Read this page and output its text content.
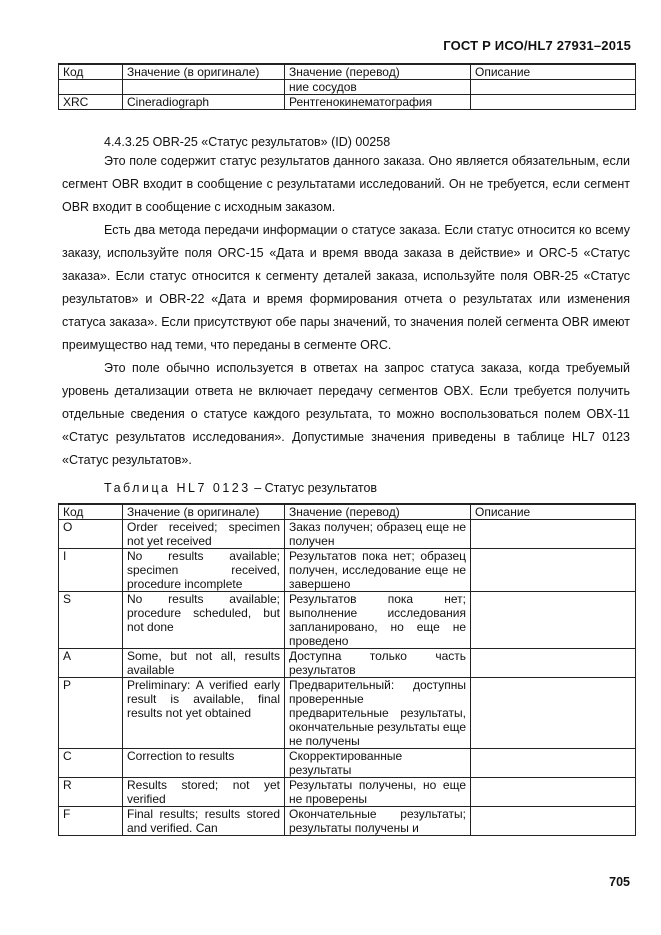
ГОСТ Р ИСО/HL7 27931–2015
Код	Значение (в оригинале)	Значение (перевод)	Описание
		ние сосудов	
XRC	Cineradiograph	Рентгенокинематография	
4.4.3.25 OBR-25 «Статус результатов» (ID) 00258

Это поле содержит статус результатов данного заказа. Оно является обязательным, если сегмент OBR входит в сообщение с результатами исследований. Он не требуется, если сегмент OBR входит в сообщение с исходным заказом.

Есть два метода передачи информации о статусе заказа. Если статус относится ко всему заказу, используйте поля ORC-15 «Дата и время ввода заказа в действие» и ORC-5 «Статус заказа». Если статус относится к сегменту деталей заказа, используйте поля OBR-25 «Статус результатов» и OBR-22 «Дата и время формирования отчета о результатах или изменения статуса заказа». Если присутствуют обе пары значений, то значения полей сегмента OBR имеют преимущество над теми, что переданы в сегменте ORC.

Это поле обычно используется в ответах на запрос статуса заказа, когда требуемый уровень детализации ответа не включает передачу сегментов OBX. Если требуется получить отдельные сведения о статусе каждого результата, то можно воспользоваться полем OBX-11 «Статус результатов исследования». Допустимые значения приведены в таблице HL7 0123 «Статус результатов».

Таблица HL7 0123 – Статус результатов
Код	Значение (в оригинале)	Значение (перевод)	Описание
O	Order received; specimen not yet received	Заказ получен; образец еще не получен	
I	No results available; specimen received, procedure incomplete	Результатов пока нет; образец получен, исследование еще не завершено	
S	No results available; procedure scheduled, but not done	Результатов пока нет; выполнение исследования запланировано, но еще не проведено	
A	Some, but not all, results available	Доступна только часть результатов	
P	Preliminary: A verified early result is available, final results not yet obtained	Предварительный: доступны проверенные предварительные результаты, окончательные результаты еще не получены	
C	Correction to results	Скорректированные результаты	
R	Results stored; not yet verified	Результаты получены, но еще не проверены	
F	Final results; results stored and verified. Can	Окончательные результаты; результаты получены и	
705
